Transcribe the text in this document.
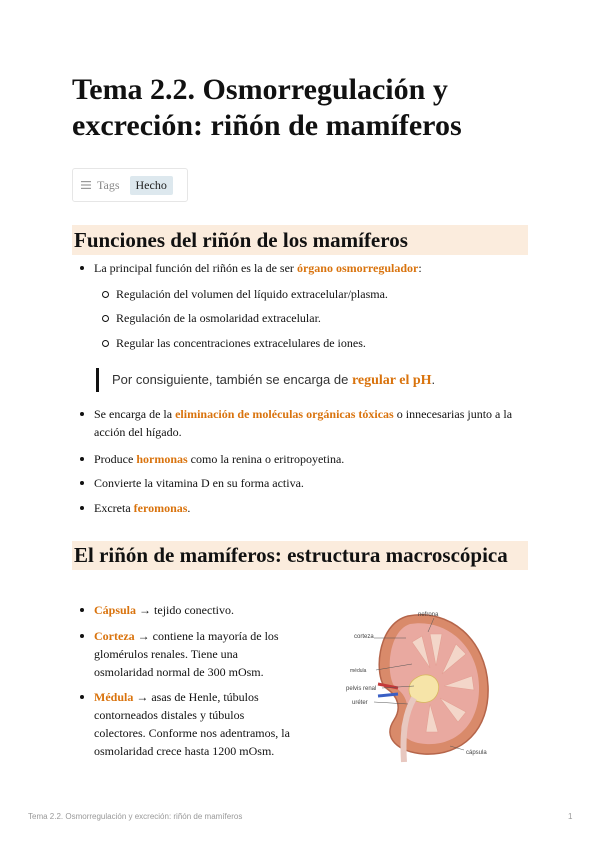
Tema 2.2. Osmorregulación y excreción: riñón de mamíferos
Tags	Hecho
Funciones del riñón de los mamíferos
La principal función del riñón es la de ser órgano osmorregulador:
Regulación del volumen del líquido extracelular/plasma.
Regulación de la osmolaridad extracelular.
Regular las concentraciones extracelulares de iones.
Por consiguiente, también se encarga de regular el pH.
Se encarga de la eliminación de moléculas orgánicas tóxicas o innecesarias junto a la acción del hígado.
Produce hormonas como la renina o eritropoyetina.
Convierte la vitamina D en su forma activa.
Excreta feromonas.
El riñón de mamíferos: estructura macroscópica
Cápsula → tejido conectivo.
Corteza → contiene la mayoría de los glomérulos renales. Tiene una osmolaridad normal de 300 mOsm.
Médula → asas de Henle, túbulos contorneados distales y túbulos colectores. Conforme nos adentramos, la osmolaridad crece hasta 1200 mOsm.
nefrona
corteza
médula
pelvis renal
uréter
cápsula
Tema 2.2. Osmorregulación y excreción: riñón de mamíferos	1
